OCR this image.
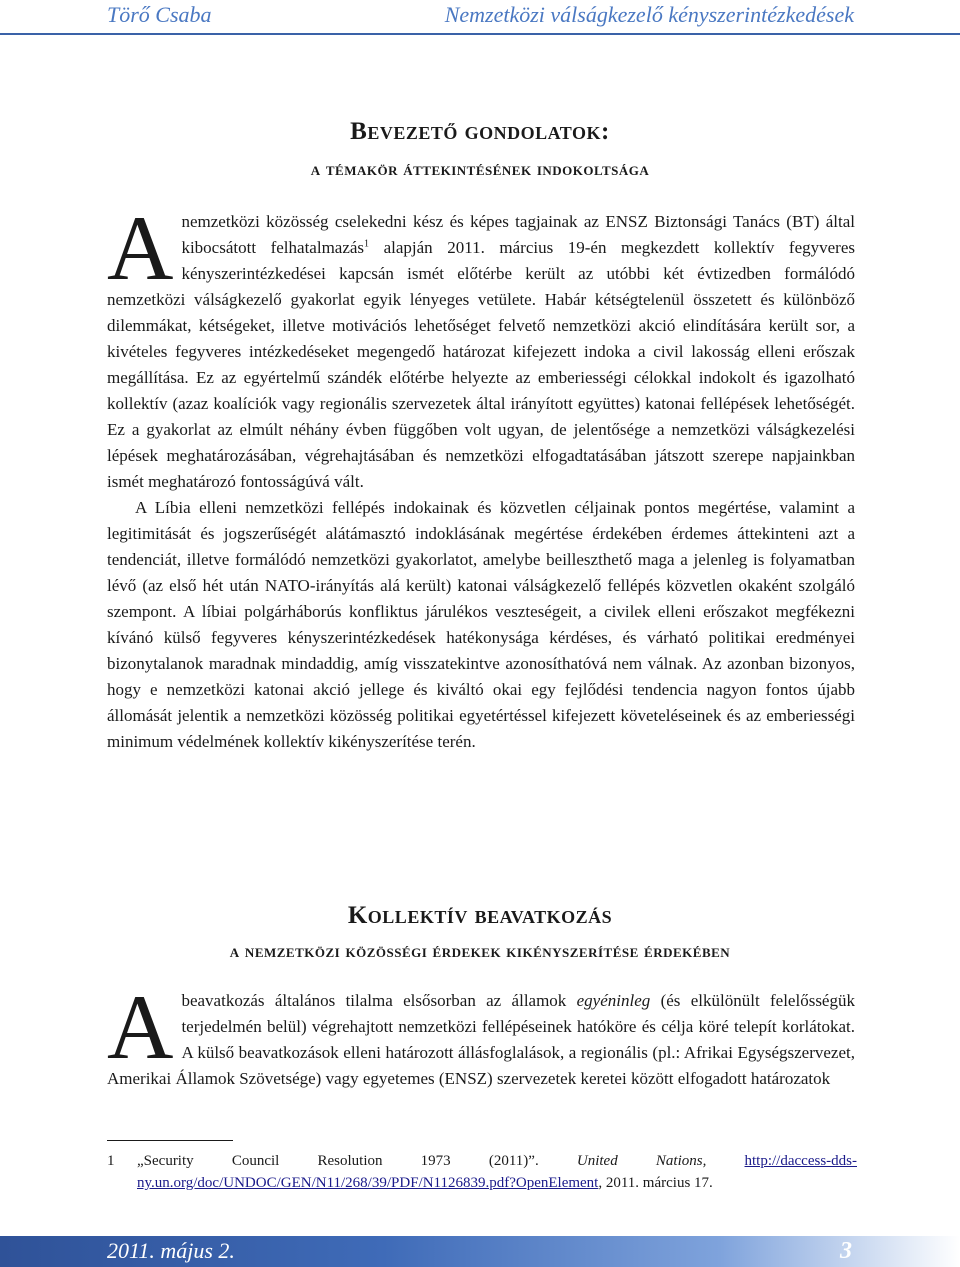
Törő Csaba	Nemzetközi válságkezelő kényszerintézkedések
Bevezető gondolatok:
a témakör áttekintésének indokoltsága

Anemzetközi közösség cselekedni kész és képes tagjainak az ENSZ Biztonsági Tanács (BT) által kibocsátott felhatalmazás$^1$ alapján 2011. március 19-én megkezdett kollektív fegyveres kényszerintézkedései kapcsán ismét előtérbe került az utóbbi két évtizedben formálódó nemzetközi válságkezelő gyakorlat egyik lényeges vetülete. Habár kétségtelenül összetett és különböző dilemmákat, kétségeket, illetve motivációs lehetőséget felvető nemzetközi akció elindítására került sor, a kivételes fegyveres intézkedéseket megengedő határozat kifejezett indoka a civil lakosság elleni erőszak megállítása. Ez az egyértelmű szándék előtérbe helyezte az emberiességi célokkal indokolt és igazolható kollektív (azaz koalíciók vagy regionális szervezetek által irányított együttes) katonai fellépések lehetőségét. Ez a gyakorlat az elmúlt néhány évben függőben volt ugyan, de jelentősége a nemzetközi válságkezelési lépések meghatározásában, végrehajtásában és nemzetközi elfogadtatásában játszott szerepe napjainkban ismét meghatározó fontosságúvá vált.

A Líbia elleni nemzetközi fellépés indokainak és közvetlen céljainak pontos megértése, valamint a legitimitását és jogszerűségét alátámasztó indoklásának megértése érdekében érdemes áttekinteni azt a tendenciát, illetve formálódó nemzetközi gyakorlatot, amelybe beilleszthető maga a jelenleg is folyamatban lévő (az első hét után NATO-irányítás alá került) katonai válságkezelő fellépés közvetlen okaként szolgáló szempont. A líbiai polgárháborús konfliktus járulékos veszteségeit, a civilek elleni erőszakot megfékezni kívánó külső fegyveres kényszerintézkedések hatékonysága kérdéses, és várható politikai eredményei bizonytalanok maradnak mindaddig, amíg visszatekintve azonosíthatóvá nem válnak. Az azonban bizonyos, hogy e nemzetközi katonai akció jellege és kiváltó okai egy fejlődési tendencia nagyon fontos újabb állomását jelentik a nemzetközi közösség politikai egyetértéssel kifejezett követeléseinek és az emberiességi minimum védelmének kollektív kikényszerítése terén.

Kollektív beavatkozás
a nemzetközi közösségi érdekek kikényszerítése érdekében

Abeavatkozás általános tilalma elsősorban az államok egyéninleg (és elkülönült felelősségük terjedelmén belül) végrehajtott nemzetközi fellépéseinek hatóköre és célja köré telepít korlátokat. A külső beavatkozások elleni határozott állásfoglalások, a regionális (pl.: Afrikai Egységszervezet, Amerikai Államok Szövetsége) vagy egyetemes (ENSZ) szervezetek keretei között elfogadott határozatok

1 „Security Council Resolution 1973 (2011)”. United Nations,	http://daccess-dds-ny.un.org/doc/UNDOC/GEN/N11/268/39/PDF/N1126839.pdf?OpenElement, 2011. március 17.
2011. május 2.	3
